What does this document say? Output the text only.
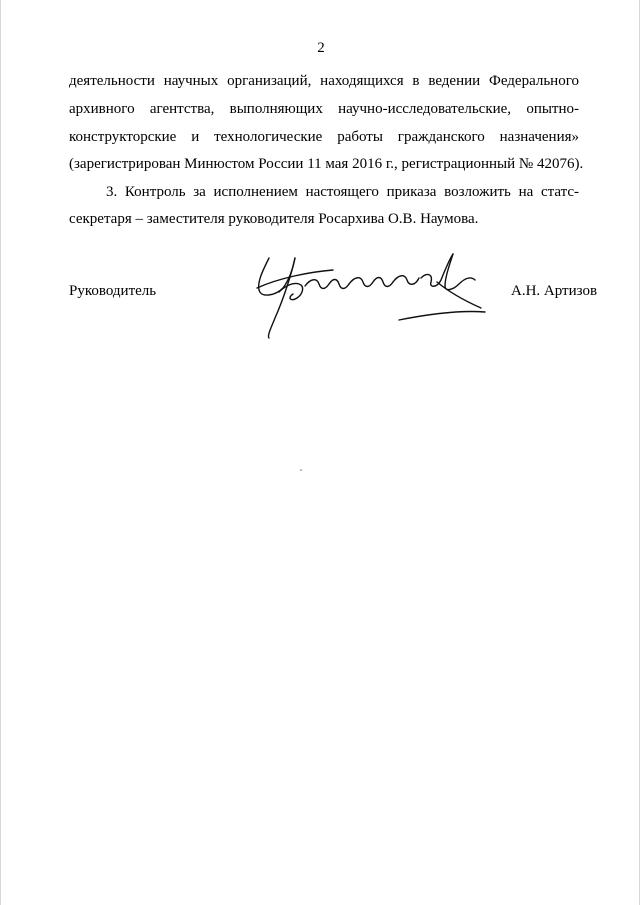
2
деятельности научных организаций, находящихся в ведении Федерального
архивного агентства, выполняющих научно-исследовательские, опытно-
конструкторские и технологические работы гражданского назначения»
(зарегистрирован Минюстом России 11 мая 2016 г., регистрационный № 42076).
3. Контроль за исполнением настоящего приказа возложить на статс-
секретаря – заместителя руководителя Росархива О.В. Наумова.
Руководитель	А.Н. Артизов
